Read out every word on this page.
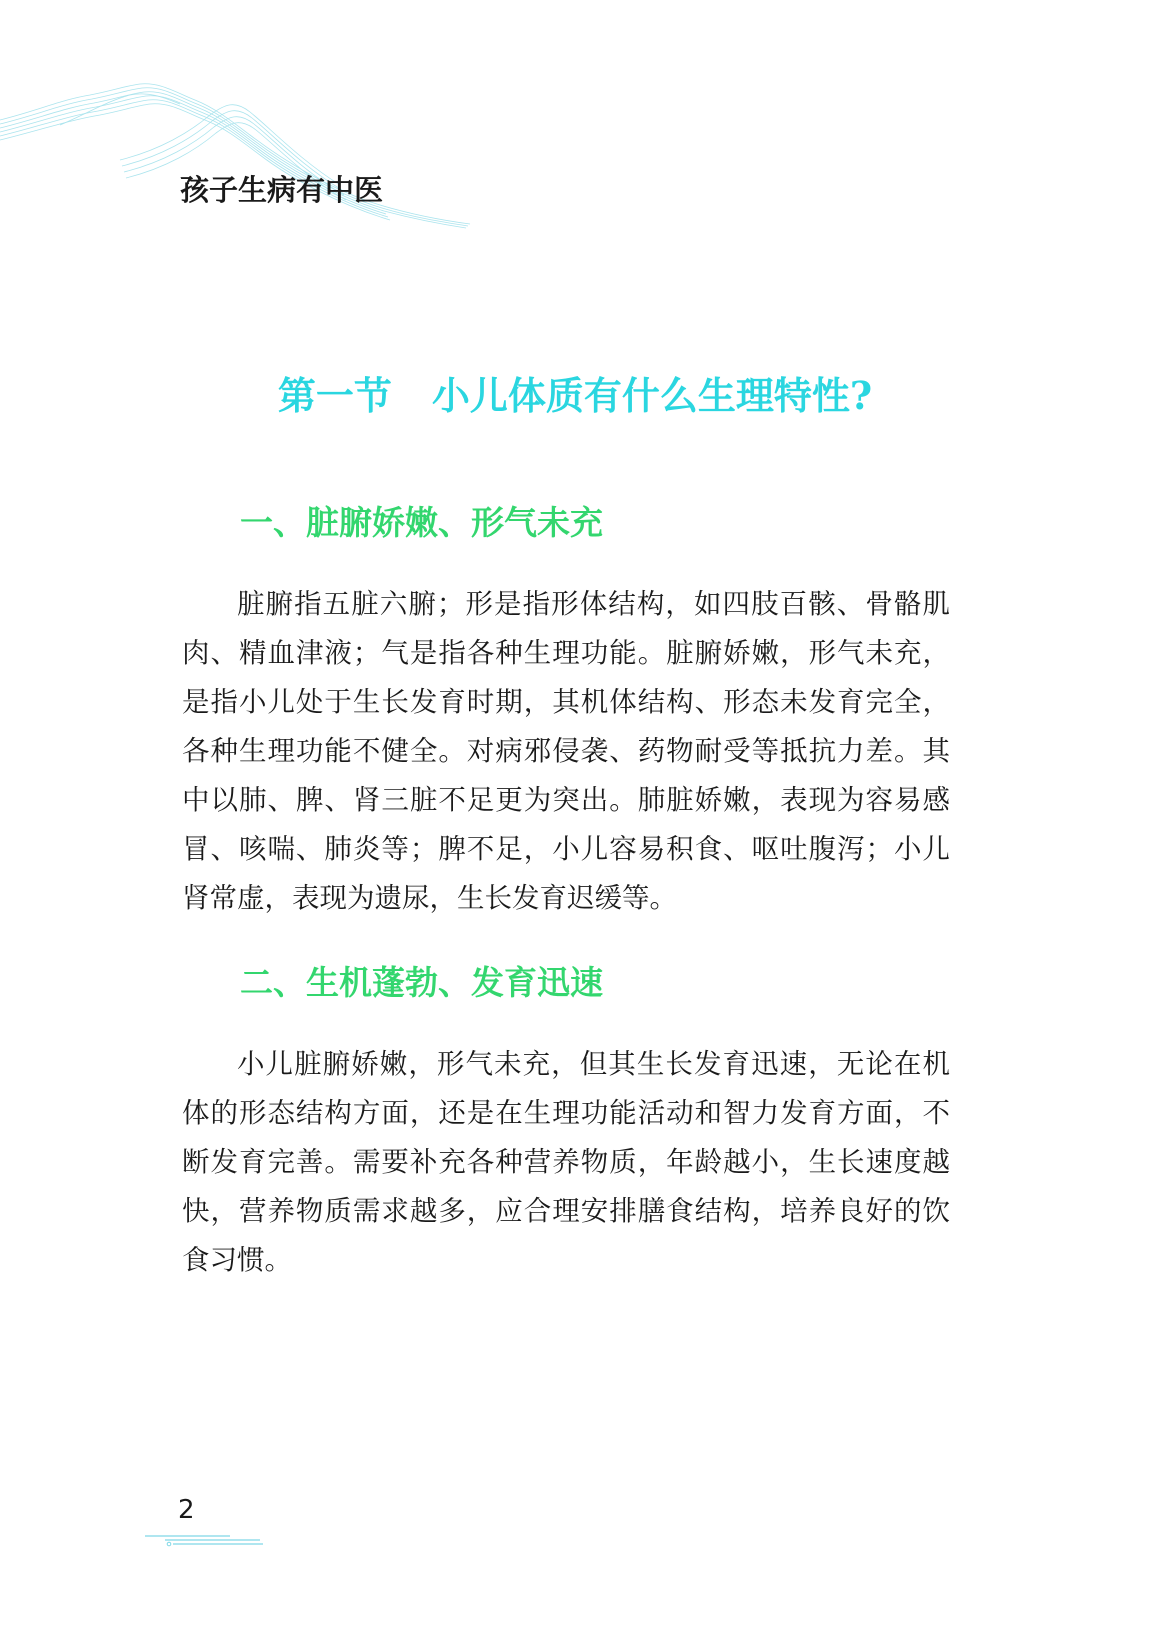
孩子生病有中医
第一节 小儿体质有什么生理特性?
一、脏腑娇嫩、形气未充

脏腑指五脏六腑；形是指形体结构，如四肢百骸、骨骼肌肉、精血津液；气是指各种生理功能。脏腑娇嫩，形气未充，是指小儿处于生长发育时期，其机体结构、形态未发育完全，各种生理功能不健全。对病邪侵袭、药物耐受等抵抗力差。其中以肺、脾、肾三脏不足更为突出。肺脏娇嫩，表现为容易感冒、咳喘、肺炎等；脾不足，小儿容易积食、呕吐腹泻；小儿肾常虚，表现为遗尿，生长发育迟缓等。

二、生机蓬勃、发育迅速

小儿脏腑娇嫩，形气未充，但其生长发育迅速，无论在机体的形态结构方面，还是在生理功能活动和智力发育方面，不断发育完善。需要补充各种营养物质，年龄越小，生长速度越快，营养物质需求越多，应合理安排膳食结构，培养良好的饮食习惯。

2
